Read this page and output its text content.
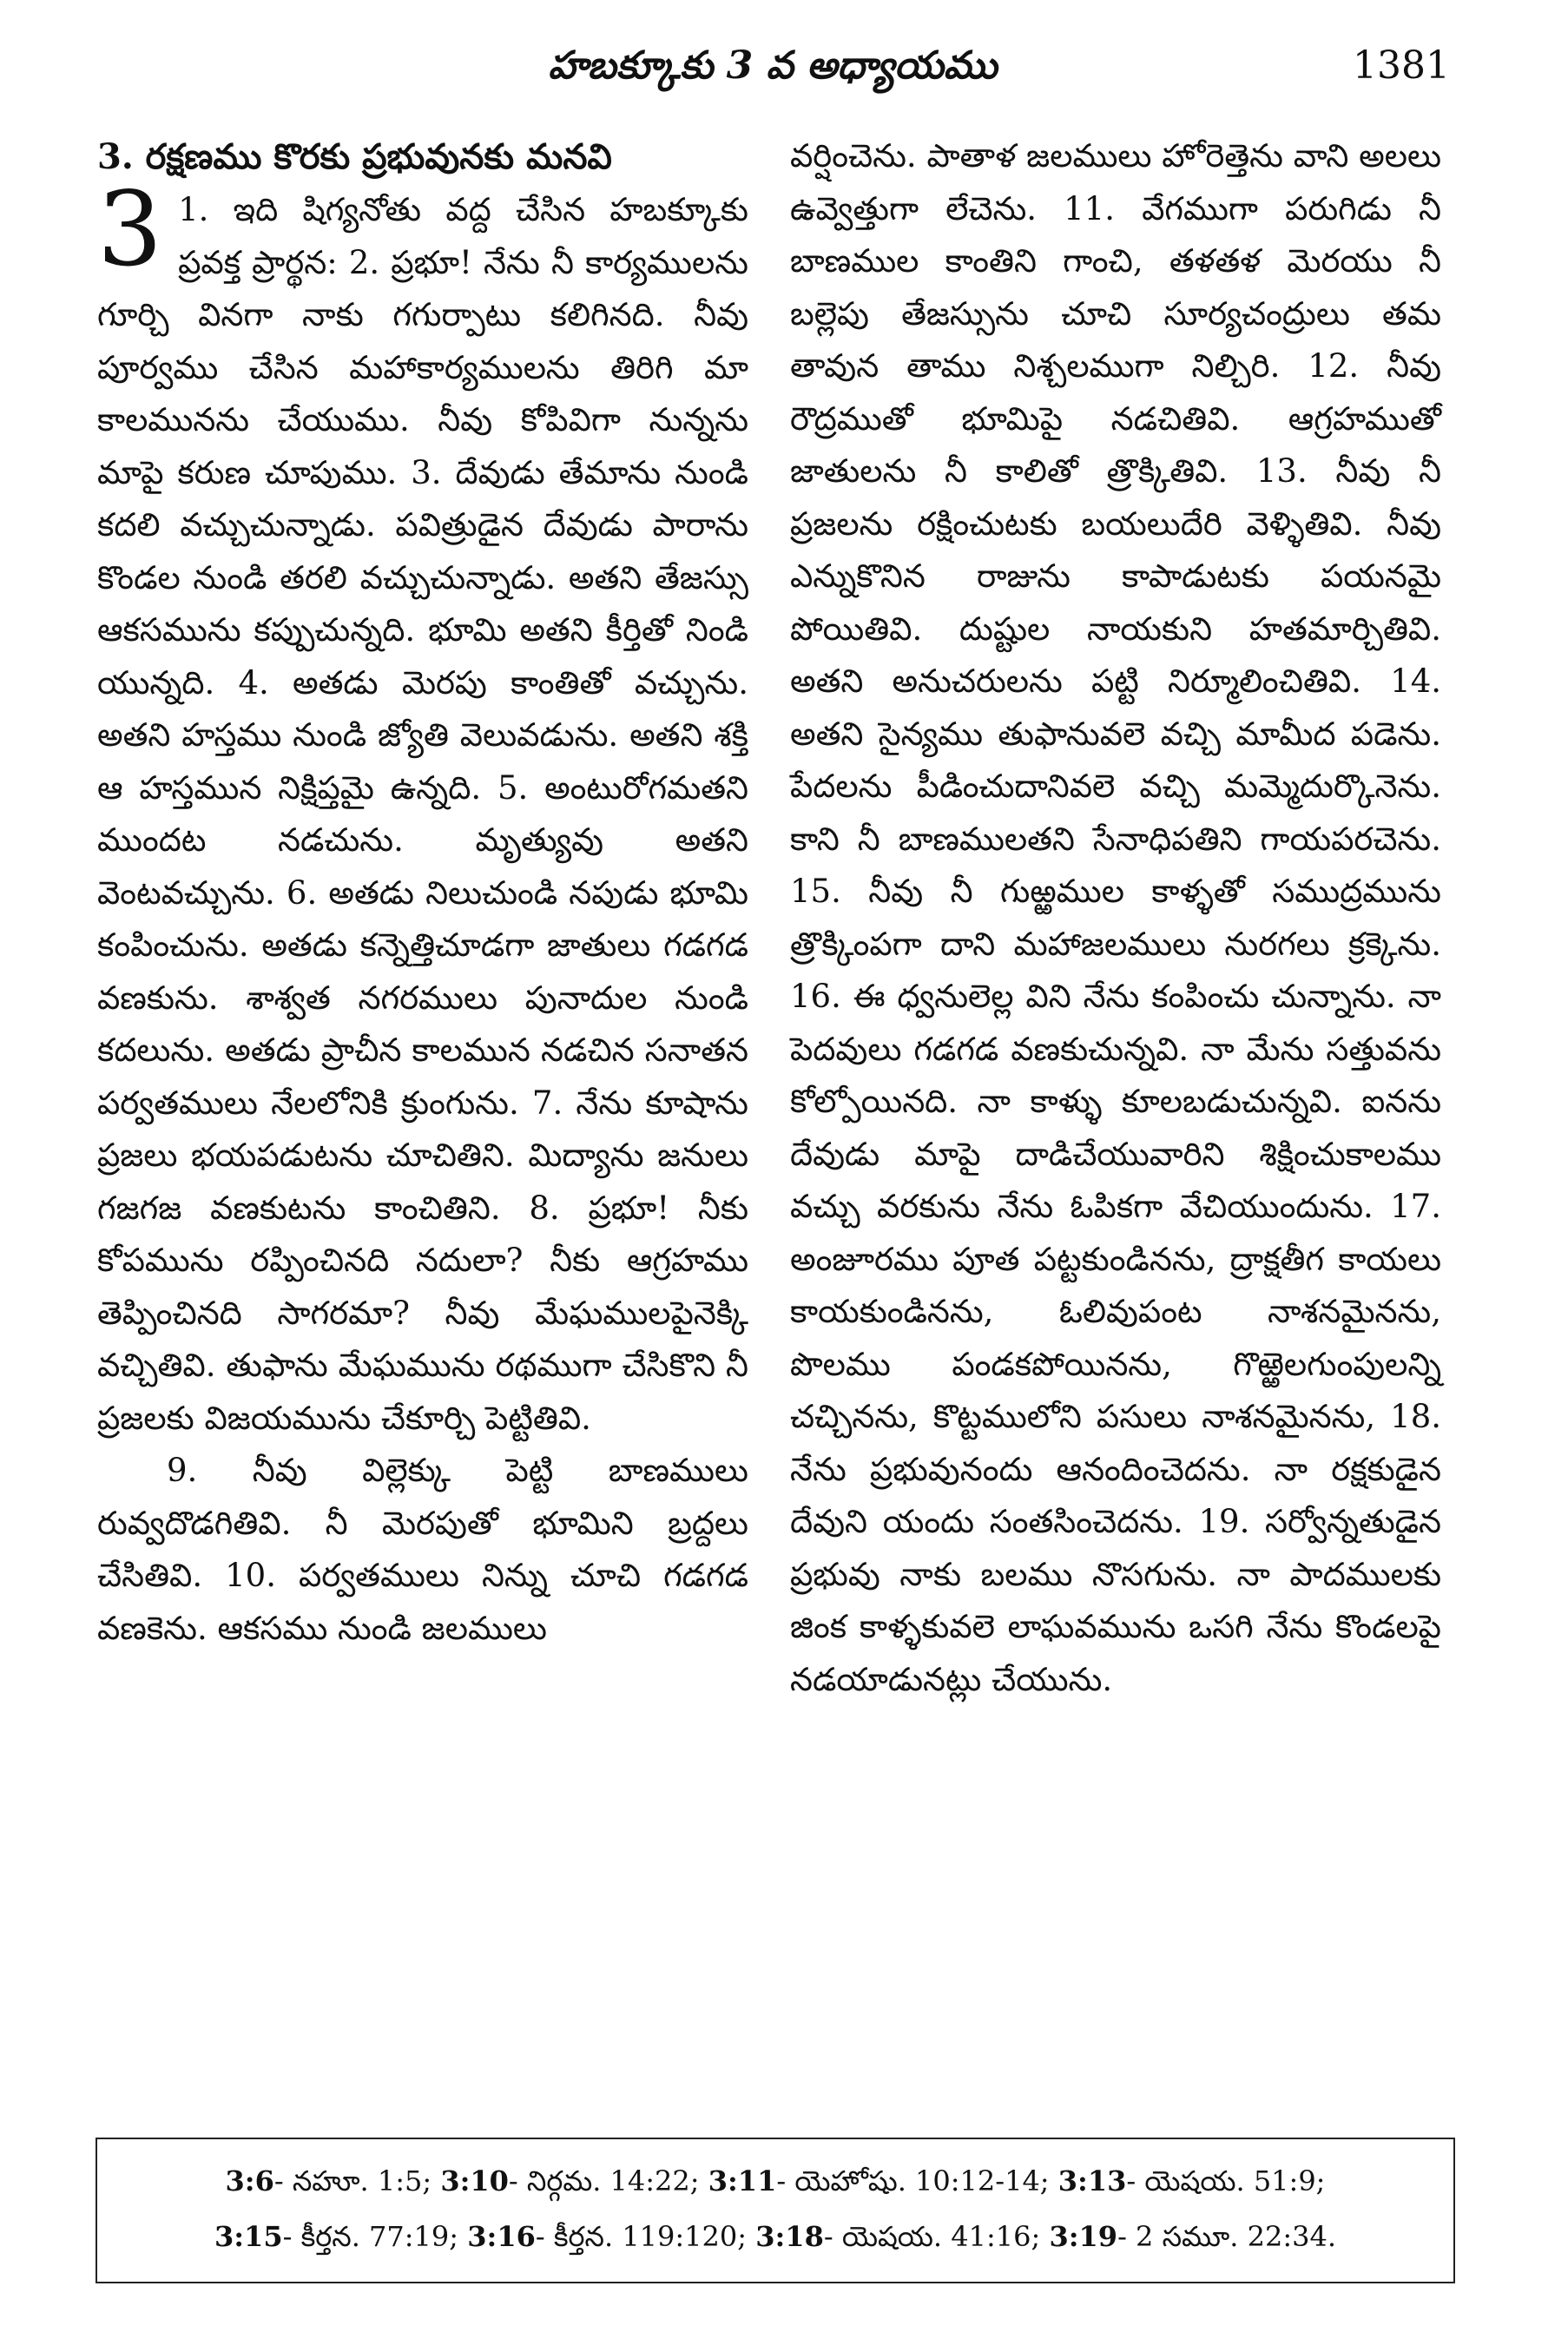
హబక్కూకు 3 వ అధ్యాయము	1381
3. రక్షణము కొరకు ప్రభువునకు మనవి

3 1. ఇది షిగ్యనోతు వద్ద చేసిన హబక్కూకు ప్రవక్త ప్రార్థన: 2. ప్రభూ! నేను నీ కార్యములను గూర్చి వినగా నాకు గగుర్పాటు కలిగినది. నీవు పూర్వము చేసిన మహాకార్యములను తిరిగి మా కాలమునను చేయుము. నీవు కోపివిగా నున్నను మాపై కరుణ చూపుము. 3. దేవుడు తేమాను నుండి కదలి వచ్చుచున్నాడు. పవిత్రుడైన దేవుడు పారాను కొండల నుండి తరలి వచ్చుచున్నాడు. అతని తేజస్సు ఆకసమును కప్పుచున్నది. భూమి అతని కీర్తితో నిండి యున్నది. 4. అతడు మెరపు కాంతితో వచ్చును. అతని హస్తము నుండి జ్యోతి వెలువడును. అతని శక్తి ఆ హస్తమున నిక్షిప్తమై ఉన్నది. 5. అంటురోగమతని ముందట నడచును. మృత్యువు అతని వెంటవచ్చును. 6. అతడు నిలుచుండి నపుడు భూమి కంపించును. అతడు కన్నెత్తిచూడగా జాతులు గడగడ వణకును. శాశ్వత నగరములు పునాదుల నుండి కదలును. అతడు ప్రాచీన కాలమున నడచిన సనాతన పర్వతములు నేలలోనికి క్రుంగును. 7. నేను కూషాను ప్రజలు భయపడుటను చూచితిని. మిద్యాను జనులు గజగజ వణకుటను కాంచితిని. 8. ప్రభూ! నీకు కోపమును రప్పించినది నదులా? నీకు ఆగ్రహము తెప్పించినది సాగరమా? నీవు మేఘములపైనెక్కి వచ్చితివి. తుఫాను మేఘమును రథముగా చేసికొని నీ ప్రజలకు విజయమును చేకూర్చి పెట్టితివి.

9. నీవు విల్లెక్కు పెట్టి బాణములు రువ్వదొడగితివి. నీ మెరపుతో భూమిని బ్రద్దలు చేసితివి. 10. పర్వతములు నిన్ను చూచి గడగడ వణకెను. ఆకసము నుండి జలములు

వర్షించెను. పాతాళ జలములు హోరెత్తెను వాని అలలు ఉవ్వెత్తుగా లేచెను. 11. వేగముగా పరుగిడు నీ బాణముల కాంతిని గాంచి, తళతళ మెరయు నీ బల్లెపు తేజస్సును చూచి సూర్యచంద్రులు తమ తావున తాము నిశ్చలముగా నిల్చిరి. 12. నీవు రౌద్రముతో భూమిపై నడచితివి. ఆగ్రహముతో జాతులను నీ కాలితో త్రొక్కితివి. 13. నీవు నీ ప్రజలను రక్షించుటకు బయలుదేరి వెళ్ళితివి. నీవు ఎన్నుకొనిన రాజును కాపాడుటకు పయనమై పోయితివి. దుష్టుల నాయకుని హతమార్చితివి. అతని అనుచరులను పట్టి నిర్మూలించితివి. 14. అతని సైన్యము తుఫానువలె వచ్చి మామీద పడెను. పేదలను పీడించుదానివలె వచ్చి మమ్మెదుర్కొనెను. కాని నీ బాణములతని సేనాధిపతిని గాయపరచెను. 15. నీవు నీ గుఱ్ఱముల కాళ్ళతో సముద్రమును త్రొక్కింపగా దాని మహాజలములు నురగలు క్రక్కెను. 16. ఈ ధ్వనులెల్ల విని నేను కంపించు చున్నాను. నా పెదవులు గడగడ వణకుచున్నవి. నా మేను సత్తువను కోల్పోయినది. నా కాళ్ళు కూలబడుచున్నవి. ఐనను దేవుడు మాపై దాడిచేయువారిని శిక్షించుకాలము వచ్చు వరకును నేను ఓపికగా వేచియుందును. 17. అంజూరము పూత పట్టకుండినను, ద్రాక్షతీగ కాయలు కాయకుండినను, ఓలివుపంట నాశనమైనను, పొలము పండకపోయినను, గొఱ్ఱెలగుంపులన్ని చచ్చినను, కొట్టములోని పసులు నాశనమైనను, 18. నేను ప్రభువునందు ఆనందించెదను. నా రక్షకుడైన దేవుని యందు సంతసించెదను. 19. సర్వోన్నతుడైన ప్రభువు నాకు బలము నొసగును. నా పాదములకు జింక కాళ్ళకువలె లాఘవమును ఒసగి నేను కొండలపై నడయాడునట్లు చేయును.

3:6- నహూ. 1:5; 3:10- నిర్గమ. 14:22; 3:11- యెహోషు. 10:12-14; 3:13- యెషయ. 51:9;
3:15- కీర్తన. 77:19; 3:16- కీర్తన. 119:120; 3:18- యెషయ. 41:16; 3:19- 2 సమూ. 22:34.
